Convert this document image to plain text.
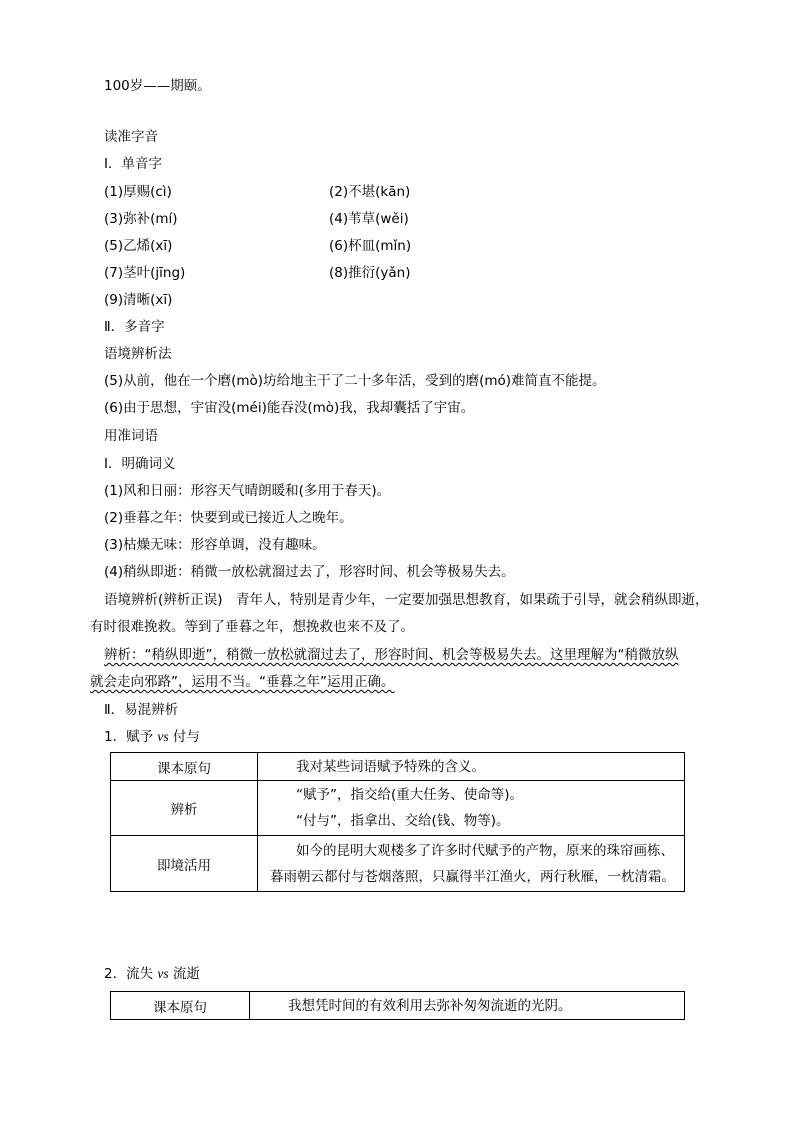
100岁——期颐。
读准字音
Ⅰ．单音字
(1)厚赐(cì)	(2)不堪(kān)
(3)弥补(mí)	(4)苇草(wěi)
(5)乙烯(xī)	(6)杯皿(mǐn)
(7)茎叶(jīng)	(8)推衍(yǎn)
(9)清晰(xī)
Ⅱ．多音字
语境辨析法
(5)从前，他在一个磨(mò)坊给地主干了二十多年活，受到的磨(mó)难简直不能提。
(6)由于思想，宇宙没(méi)能吞没(mò)我，我却囊括了宇宙。
用准词语
Ⅰ．明确词义
(1)风和日丽：形容天气晴朗暖和(多用于春天)。
(2)垂暮之年：快要到或已接近人之晚年。
(3)枯燥无味：形容单调，没有趣味。
(4)稍纵即逝：稍微一放松就溜过去了，形容时间、机会等极易失去。
语境辨析(辨析正误)　青年人，特别是青少年，一定要加强思想教育，如果疏于引导，就会稍纵即逝，
有时很难挽救。等到了垂暮之年，想挽救也来不及了。
辨析：“稍纵即逝”，稍微一放松就溜过去了，形容时间、机会等极易失去。这里理解为“稍微放纵
就会走向邪路”，运用不当。“垂暮之年”运用正确。
Ⅱ．易混辨析
1．赋予 vs 付与
课本原句	我对某些词语赋予特殊的含义。

辨析	“赋予”，指交给(重大任务、使命等)。
“付与”，指拿出、交给(钱、物等)。

即境活用	如今的昆明大观楼多了许多时代赋予的产物，原来的珠帘画栋、
暮雨朝云都付与苍烟落照，只赢得半江渔火，两行秋雁，一枕清霜。
2．流失 vs 流逝
课本原句	我想凭时间的有效利用去弥补匆匆流逝的光阴。
